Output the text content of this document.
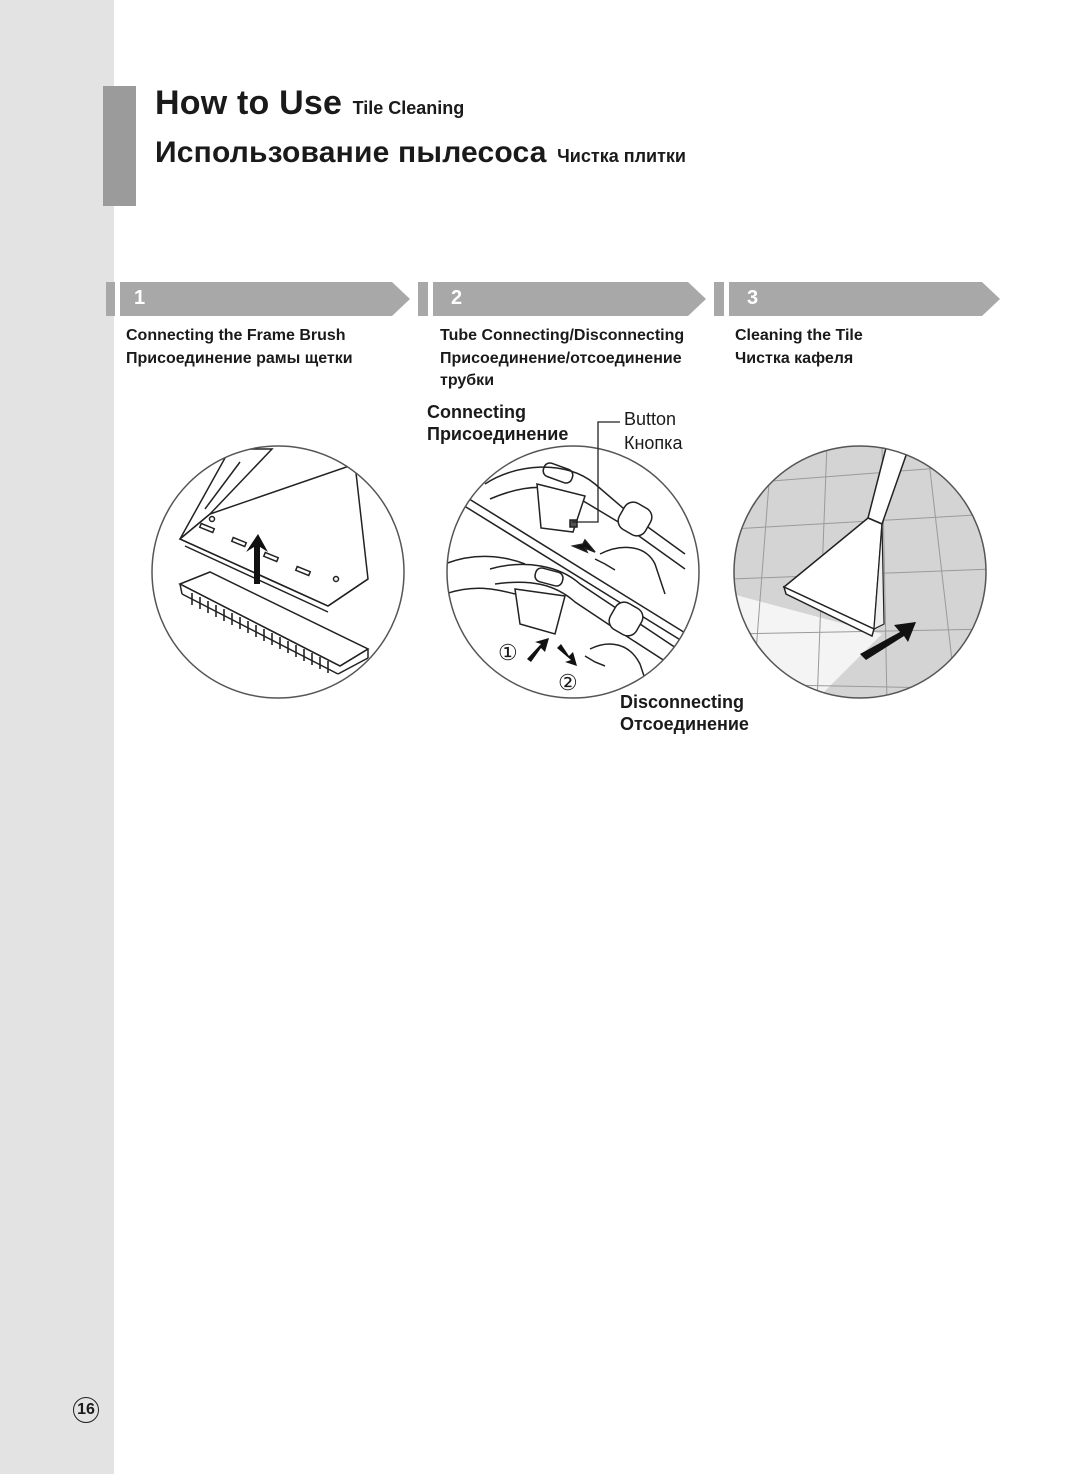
How to Use Tile Cleaning
Использование пылесоса Чистка плитки
1	2	3
Connecting the Frame Brush
Присоединение рамы щетки
Tube Connecting/Disconnecting
Присоединение/отсоединение
трубки
Cleaning the Tile
Чистка кафеля
Connecting
Присоединение
Button
Кнопка
Disconnecting
Отсоединение
①
②
16
